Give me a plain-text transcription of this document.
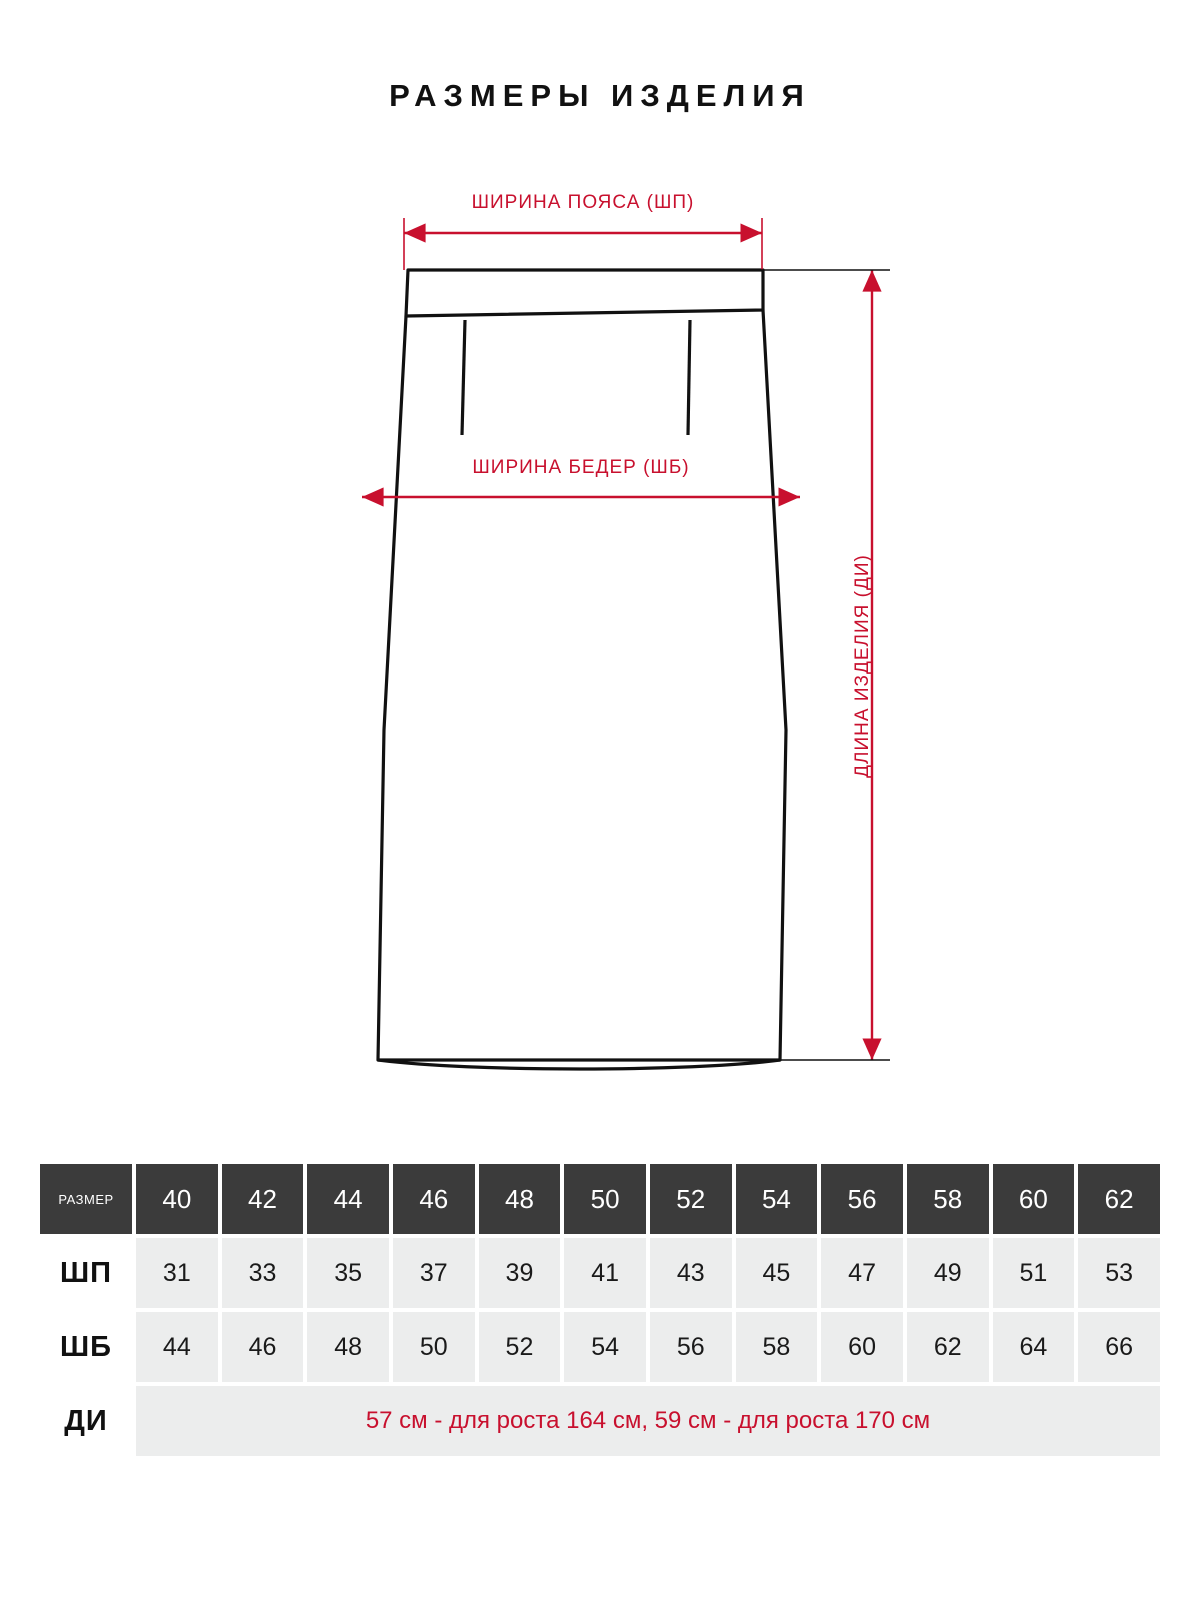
РАЗМЕРЫ ИЗДЕЛИЯ
ШИРИНА ПОЯСА (ШП)
ШИРИНА БЕДЕР (ШБ)
ДЛИНА ИЗДЕЛИЯ (ДИ)
РАЗМЕР	40	42	44	46	48	50	52	54	56	58	60	62
ШП	31	33	35	37	39	41	43	45	47	49	51	53
ШБ	44	46	48	50	52	54	56	58	60	62	64	66
ДИ	57 см - для роста 164 см, 59 см - для роста 170 см											
